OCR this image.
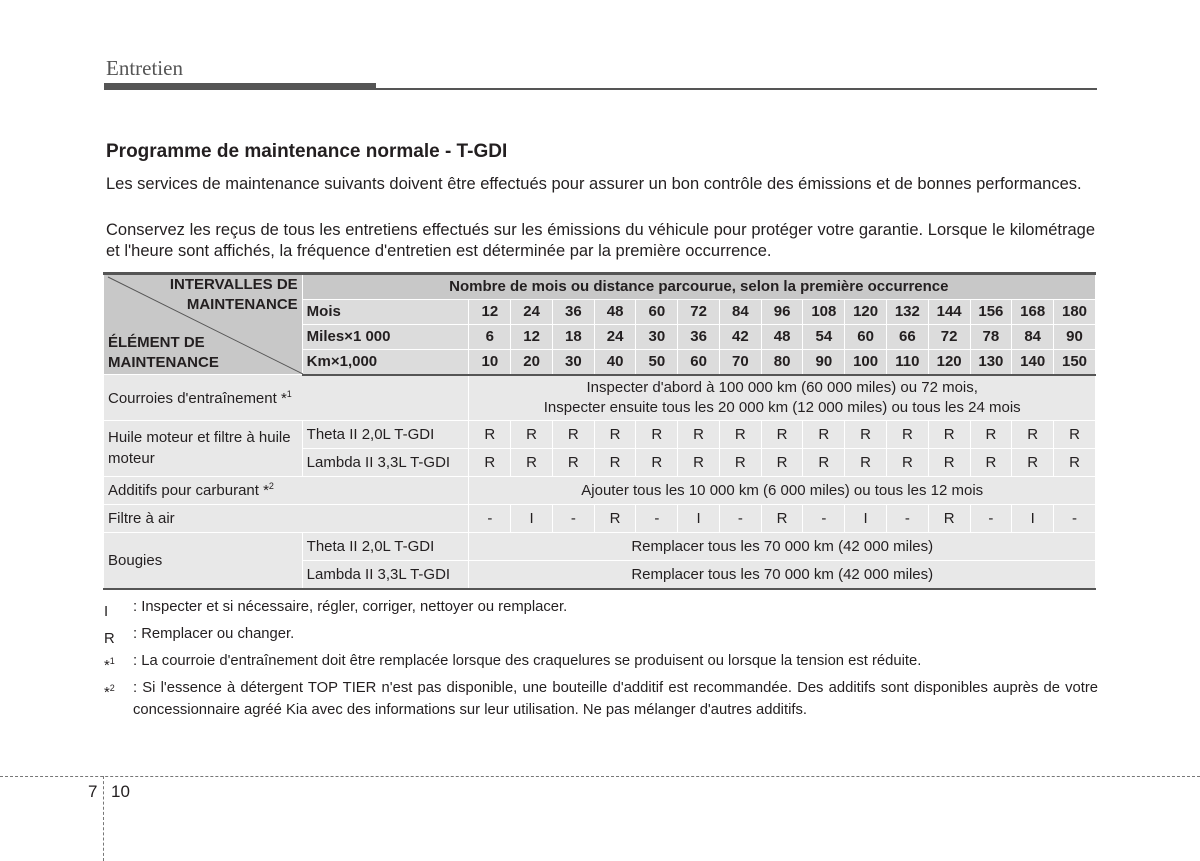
Entretien
Programme de maintenance normale - T-GDI
Les services de maintenance suivants doivent être effectués pour assurer un bon contrôle des émissions et de bonnes performances.
Conservez les reçus de tous les entretiens effectués sur les émissions du véhicule pour protéger votre garantie. Lorsque le kilométrage et l'heure sont affichés, la fréquence d'entretien est déterminée par la première occurrence.
INTERVALLES DE MAINTENANCE
ÉLÉMENT DE MAINTENANCE	Nombre de mois ou distance parcourue, selon la première occurrence															
	Mois	12	24	36	48	60	72	84	96	108	120	132	144	156	168	180
	Miles×1 000	6	12	18	24	30	36	42	48	54	60	66	72	78	84	90
	Km×1,000	10	20	30	40	50	60	70	80	90	100	110	120	130	140	150
Courroies d'entraînement *$^1$		Inspecter d'abord à 100 000 km (60 000 miles) ou 72 mois,
Inspecter ensuite tous les 20 000 km (12 000 miles) ou tous les 24 mois														
Huile moteur et filtre à huile moteur	Theta II 2,0L T-GDI	R	R	R	R	R	R	R	R	R	R	R	R	R	R	R
	Lambda II 3,3L T-GDI	R	R	R	R	R	R	R	R	R	R	R	R	R	R	R
Additifs pour carburant *$^2$		Ajouter tous les 10 000 km (6 000 miles) ou tous les 12 mois														
Filtre à air		-	I	-	R	-	I	-	R	-	I	-	R	-	I	-
Bougies	Theta II 2,0L T-GDI	Remplacer tous les 70 000 km (42 000 miles)														
	Lambda II 3,3L T-GDI	Remplacer tous les 70 000 km (42 000 miles)														
I	: Inspecter et si nécessaire, régler, corriger, nettoyer ou remplacer.
R	: Remplacer ou changer.
*$^1$	: La courroie d'entraînement doit être remplacée lorsque des craquelures se produisent ou lorsque la tension est réduite.
*$^2$	: Si l'essence à détergent TOP TIER n'est pas disponible, une bouteille d'additif est recommandée. Des additifs sont disponibles auprès de votre concessionnaire agréé Kia avec des informations sur leur utilisation. Ne pas mélanger d'autres additifs.
7 10
